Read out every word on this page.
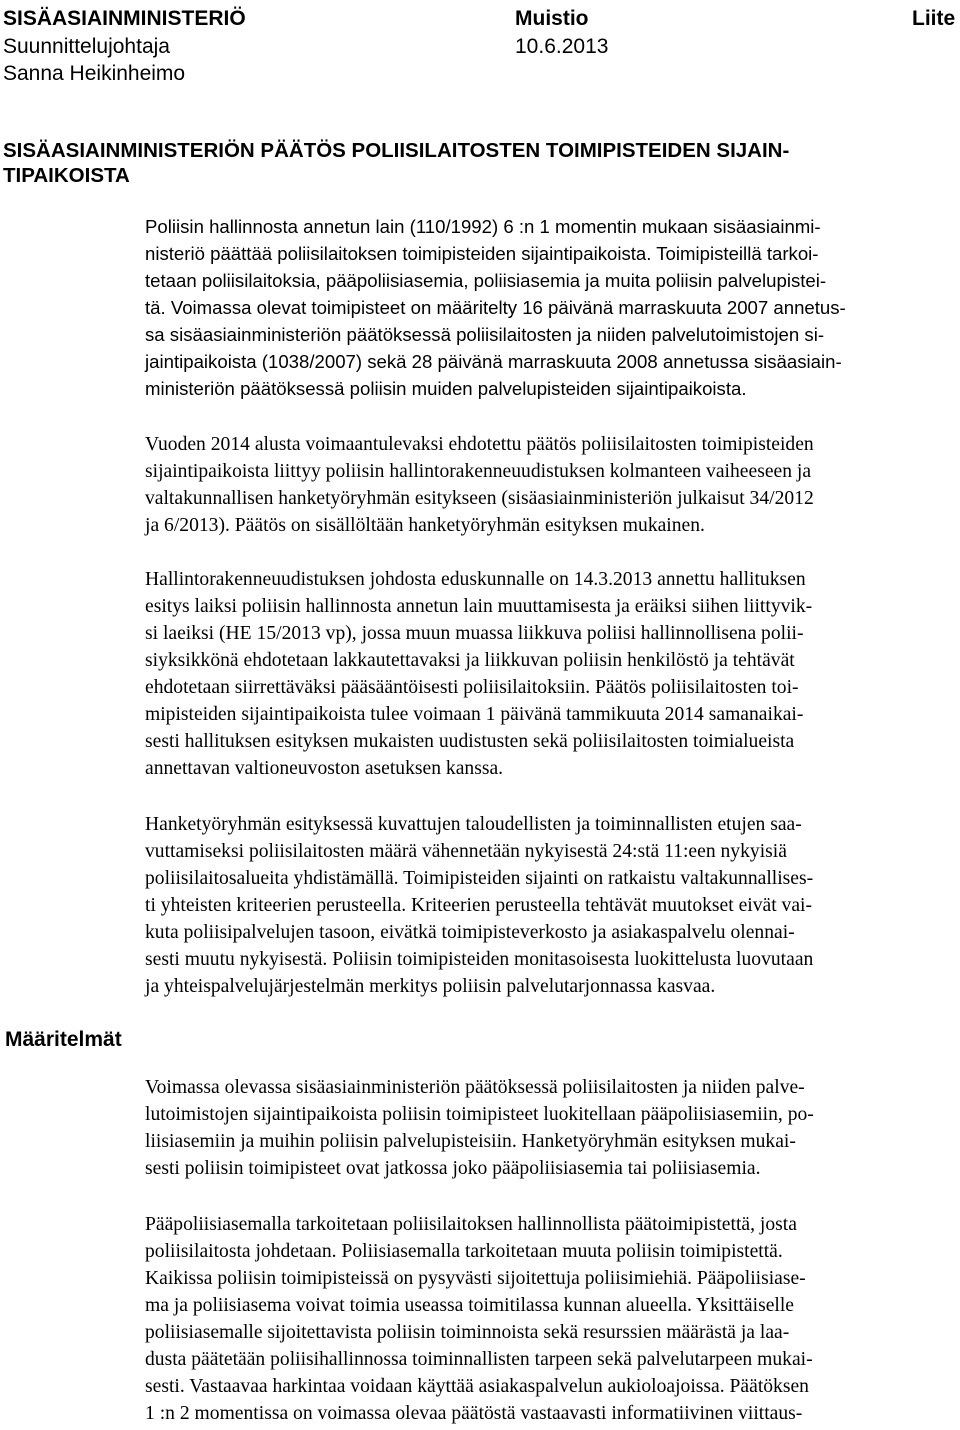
SISÄASIAINMINISTERIÖ	Muistio	Liite
Suunnittelujohtaja	10.6.2013
Sanna Heikinheimo
SISÄASIAINMINISTERIÖN PÄÄTÖS POLIISILAITOSTEN TOIMIPISTEIDEN SIJAIN-
TIPAIKOISTA
Määritelmät
Poliisin hallinnosta annetun lain (110/1992) 6 :n 1 momentin mukaan sisäasiainmi-
nisteriö päättää poliisilaitoksen toimipisteiden sijaintipaikoista. Toimipisteillä tarkoi-
tetaan poliisilaitoksia, pääpoliisiasemia, poliisiasemia ja muita poliisin palvelupistei-
tä. Voimassa olevat toimipisteet on määritelty 16 päivänä marraskuuta 2007 annetus-
sa sisäasiainministeriön päätöksessä poliisilaitosten ja niiden palvelutoimistojen si-
jaintipaikoista (1038/2007) sekä 28 päivänä marraskuuta 2008 annetussa sisäasiain-
ministeriön päätöksessä poliisin muiden palvelupisteiden sijaintipaikoista.
Vuoden 2014 alusta voimaantulevaksi ehdotettu päätös poliisilaitosten toimipisteiden
sijaintipaikoista liittyy poliisin hallintorakenneuudistuksen kolmanteen vaiheeseen ja
valtakunnallisen hanketyöryhmän esitykseen (sisäasiainministeriön julkaisut 34/2012
ja 6/2013). Päätös on sisällöltään hanketyöryhmän esityksen mukainen.
Hallintorakenneuudistuksen johdosta eduskunnalle on 14.3.2013 annettu hallituksen
esitys laiksi poliisin hallinnosta annetun lain muuttamisesta ja eräiksi siihen liittyvik-
si laeiksi (HE 15/2013 vp), jossa muun muassa liikkuva poliisi hallinnollisena polii-
siyksikkönä ehdotetaan lakkautettavaksi ja liikkuvan poliisin henkilöstö ja tehtävät
ehdotetaan siirrettäväksi pääsääntöisesti poliisilaitoksiin. Päätös poliisilaitosten toi-
mipisteiden sijaintipaikoista tulee voimaan 1 päivänä tammikuuta 2014 samanaikai-
sesti hallituksen esityksen mukaisten uudistusten sekä poliisilaitosten toimialueista
annettavan valtioneuvoston asetuksen kanssa.
Hanketyöryhmän esityksessä kuvattujen taloudellisten ja toiminnallisten etujen saa-
vuttamiseksi poliisilaitosten määrä vähennetään nykyisestä 24:stä 11:een nykyisiä
poliisilaitosalueita yhdistämällä. Toimipisteiden sijainti on ratkaistu valtakunnallises-
ti yhteisten kriteerien perusteella. Kriteerien perusteella tehtävät muutokset eivät vai-
kuta poliisipalvelujen tasoon, eivätkä toimipisteverkosto ja asiakaspalvelu olennai-
sesti muutu nykyisestä. Poliisin toimipisteiden monitasoisesta luokittelusta luovutaan
ja yhteispalvelujärjestelmän merkitys poliisin palvelutarjonnassa kasvaa.
Voimassa olevassa sisäasiainministeriön päätöksessä poliisilaitosten ja niiden palve-
lutoimistojen sijaintipaikoista poliisin toimipisteet luokitellaan pääpoliisiasemiin, po-
liisiasemiin ja muihin poliisin palvelupisteisiin. Hanketyöryhmän esityksen mukai-
sesti poliisin toimipisteet ovat jatkossa joko pääpoliisiasemia tai poliisiasemia.
Pääpoliisiasemalla tarkoitetaan poliisilaitoksen hallinnollista päätoimipistettä, josta
poliisilaitosta johdetaan. Poliisiasemalla tarkoitetaan muuta poliisin toimipistettä.
Kaikissa poliisin toimipisteissä on pysyvästi sijoitettuja poliisimiehiä. Pääpoliisiase-
ma ja poliisiasema voivat toimia useassa toimitilassa kunnan alueella. Yksittäiselle
poliisiasemalle sijoitettavista poliisin toiminnoista sekä resurssien määrästä ja laa-
dusta päätetään poliisihallinnossa toiminnallisten tarpeen sekä palvelutarpeen mukai-
sesti. Vastaavaa harkintaa voidaan käyttää asiakaspalvelun aukioloajoissa. Päätöksen
1 :n 2 momentissa on voimassa olevaa päätöstä vastaavasti informatiivinen viittaus-
